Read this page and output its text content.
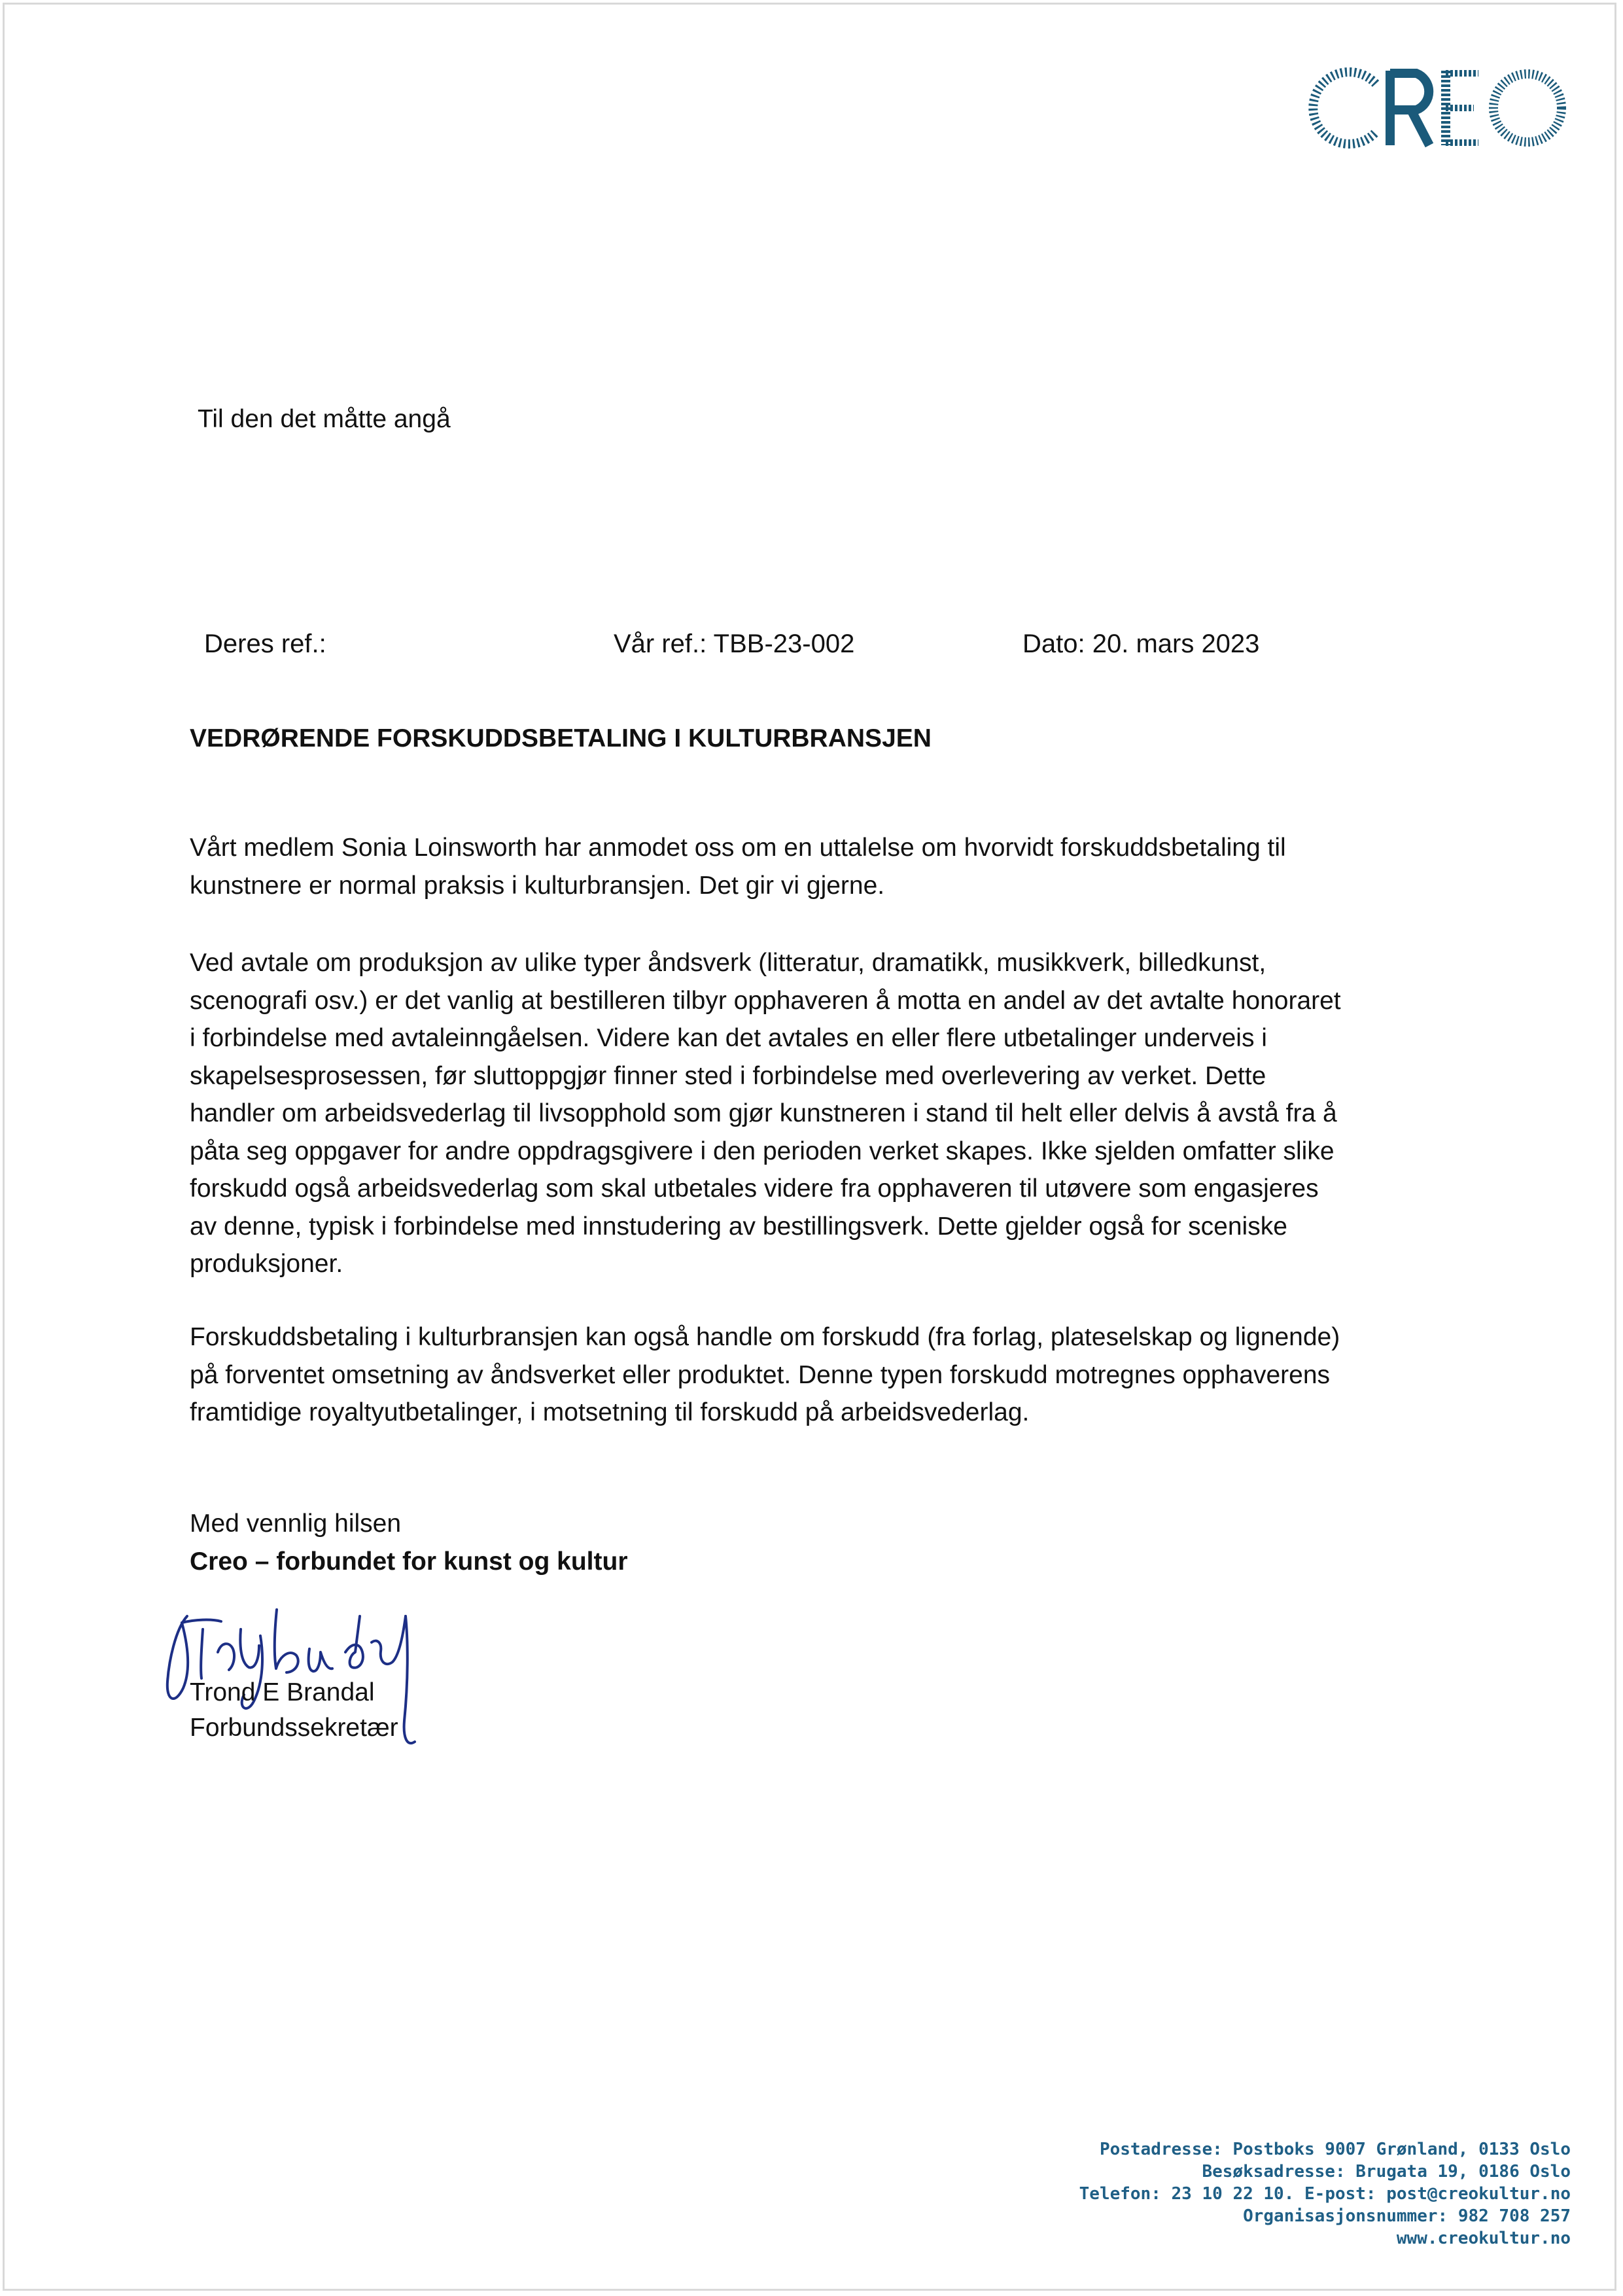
Til den det måtte angå
Deres ref.:	Vår ref.: TBB-23-002	Dato: 20. mars 2023
VEDRØRENDE FORSKUDDSBETALING I KULTURBRANSJEN
Vårt medlem Sonia Loinsworth har anmodet oss om en uttalelse om hvorvidt forskuddsbetaling til
kunstnere er normal praksis i kulturbransjen. Det gir vi gjerne.
Ved avtale om produksjon av ulike typer åndsverk (litteratur, dramatikk, musikkverk, billedkunst,
scenografi osv.) er det vanlig at bestilleren tilbyr opphaveren å motta en andel av det avtalte honoraret
i forbindelse med avtaleinngåelsen. Videre kan det avtales en eller flere utbetalinger underveis i
skapelsesprosessen, før sluttoppgjør finner sted i forbindelse med overlevering av verket. Dette
handler om arbeidsvederlag til livsopphold som gjør kunstneren i stand til helt eller delvis å avstå fra å
påta seg oppgaver for andre oppdragsgivere i den perioden verket skapes. Ikke sjelden omfatter slike
forskudd også arbeidsvederlag som skal utbetales videre fra opphaveren til utøvere som engasjeres
av denne, typisk i forbindelse med innstudering av bestillingsverk. Dette gjelder også for sceniske
produksjoner.
Forskuddsbetaling i kulturbransjen kan også handle om forskudd (fra forlag, plateselskap og lignende)
på forventet omsetning av åndsverket eller produktet. Denne typen forskudd motregnes opphaverens
framtidige royaltyutbetalinger, i motsetning til forskudd på arbeidsvederlag.
Med vennlig hilsen
Creo – forbundet for kunst og kultur
Trond E Brandal
Forbundssekretær
Postadresse: Postboks 9007 Grønland, 0133 Oslo
Besøksadresse: Brugata 19, 0186 Oslo
Telefon: 23 10 22 10. E-post: post@creokultur.no
Organisasjonsnummer: 982 708 257
www.creokultur.no
